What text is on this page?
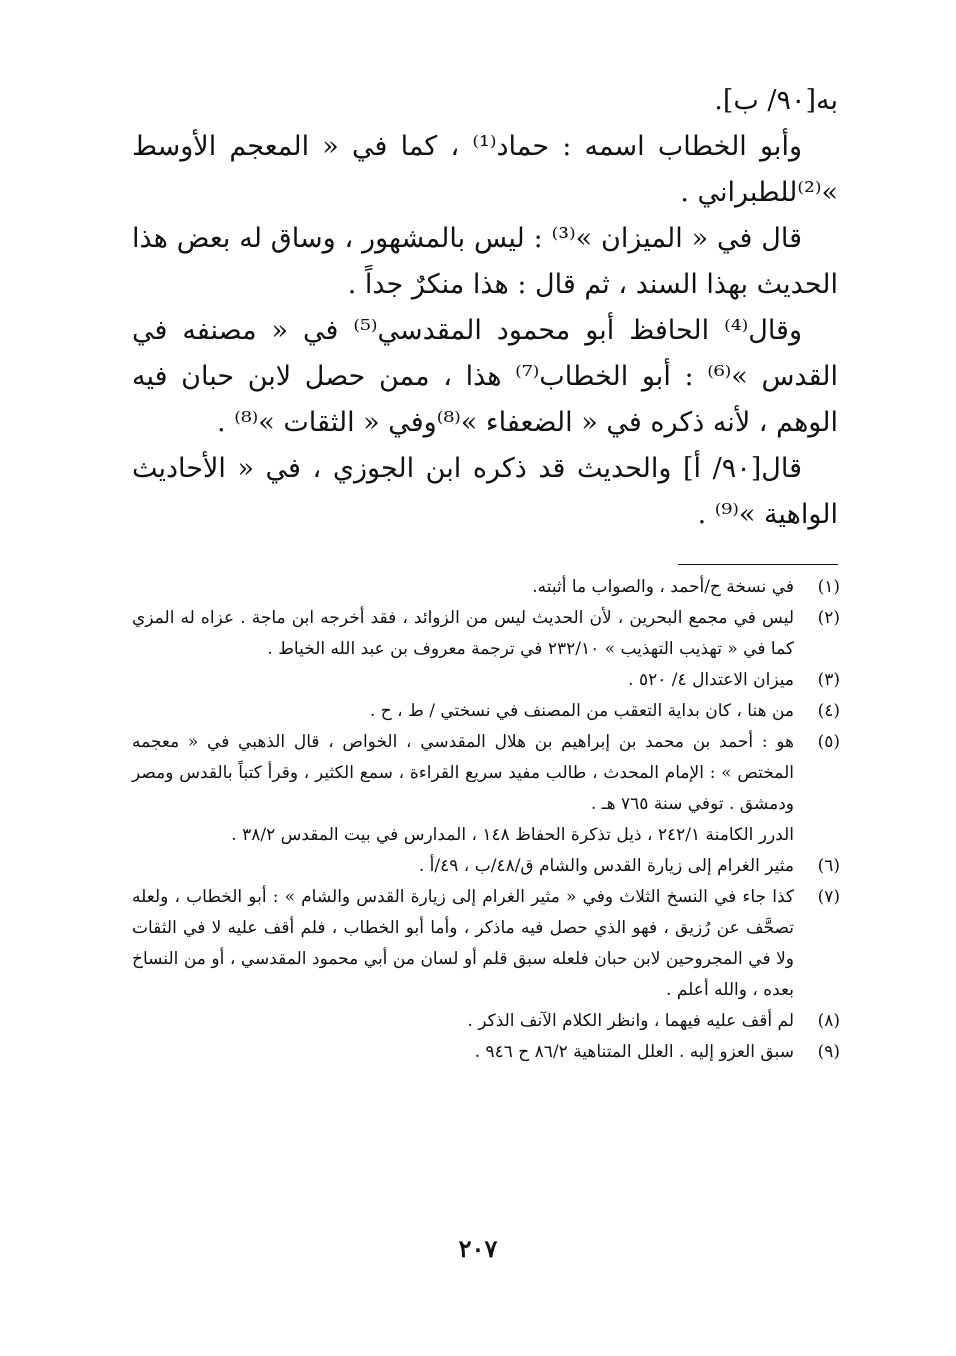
به[٩٠/ ب].

وأبو الخطاب اسمه : حماد⁽¹⁾ ، كما في « المعجم الأوسط »⁽²⁾للطبراني .

قال في « الميزان »⁽³⁾ : ليس بالمشهور ، وساق له بعض هذا الحديث بهذا السند ، ثم قال : هذا منكرٌ جداً .

وقال⁽⁴⁾ الحافظ أبو محمود المقدسي⁽⁵⁾ في « مصنفه في القدس »⁽⁶⁾ : أبو الخطاب⁽⁷⁾ هذا ، ممن حصل لابن حبان فيه الوهم ، لأنه ذكره في « الضعفاء »⁽⁸⁾وفي « الثقات »⁽⁸⁾ .

قال[٩٠/ أ] والحديث قد ذكره ابن الجوزي ، في « الأحاديث الواهية »⁽⁹⁾ .

(١)
في نسخة ح/أحمد ، والصواب ما أثبته.
(٢)
ليس في مجمع البحرين ، لأن الحديث ليس من الزوائد ، فقد أخرجه ابن ماجة . عزاه له المزي كما في « تهذيب التهذيب » ٢٣٢/١٠ في ترجمة معروف بن عبد الله الخياط .
(٣)
ميزان الاعتدال ٤/ ٥٢٠ .
(٤)
من هنا ، كان بداية التعقب من المصنف في نسختي / ط ، ح .
(٥)
هو : أحمد بن محمد بن إبراهيم بن هلال المقدسي ، الخواص ، قال الذهبي في « معجمه المختص » : الإمام المحدث ، طالب مفيد سريع القراءة ، سمع الكثير ، وقرأ كتباً بالقدس ومصر ودمشق . توفي سنة ٧٦٥ هـ .
الدرر الكامنة ٢٤٢/١ ، ذيل تذكرة الحفاظ ١٤٨ ، المدارس في بيت المقدس ٣٨/٢ .
(٦)
مثير الغرام إلى زيارة القدس والشام ق/٤٨/ب ، ٤٩/أ .
(٧)
كذا جاء في النسخ الثلاث وفي « مثير الغرام إلى زيارة القدس والشام » : أبو الخطاب ، ولعله تصحَّف عن رُزيق ، فهو الذي حصل فيه ماذكر ، وأما أبو الخطاب ، فلم أقف عليه لا في الثقات ولا في المجروحين لابن حبان فلعله سبق قلم أو لسان من أبي محمود المقدسي ، أو من النساخ بعده ، والله أعلم .
(٨)
لم أقف عليه فيهما ، وانظر الكلام الآنف الذكر .
(٩)
سبق العزو إليه . العلل المتناهية ٨٦/٢ ح ٩٤٦ .
٢٠٧
